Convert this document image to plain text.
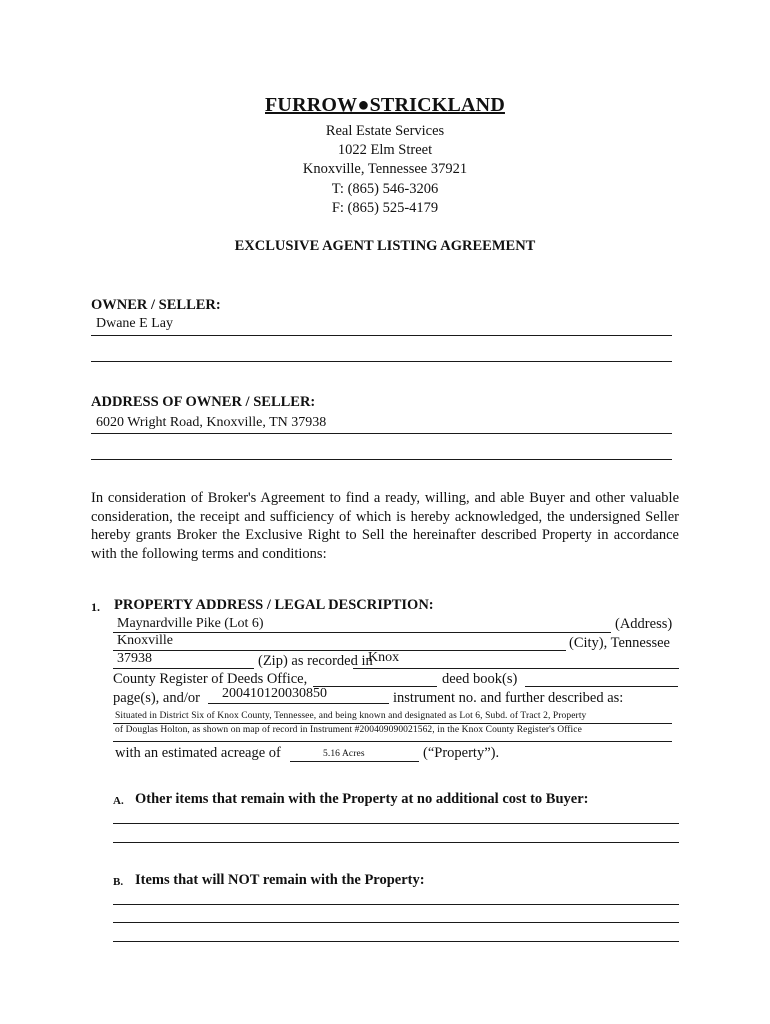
FURROW●STRICKLAND
Real Estate Services
1022 Elm Street
Knoxville, Tennessee 37921
T: (865) 546-3206
F: (865) 525-4179
EXCLUSIVE AGENT LISTING AGREEMENT
OWNER / SELLER:
Dwane E Lay
ADDRESS OF OWNER / SELLER:
6020 Wright Road, Knoxville, TN 37938
In consideration of Broker's Agreement to find a ready, willing, and able Buyer and other valuable consideration, the receipt and sufficiency of which is hereby acknowledged, the undersigned Seller hereby grants Broker the Exclusive Right to Sell the hereinafter described Property in accordance with the following terms and conditions:
1. PROPERTY ADDRESS / LEGAL DESCRIPTION:
Maynardville Pike (Lot 6)	(Address)
Knoxville	(City), Tennessee
37938	(Zip) as recorded in
Knox
County Register of Deeds Office,	deed book(s)
page(s), and/or 200410120030850	instrument no. and further described as:
Situated in District Six of Knox County, Tennessee, and being known and designated as Lot 6, Subd. of Tract 2, Property
of Douglas Holton, as shown on map of record in Instrument #200409090021562, in the Knox County Register's Office
with an estimated acreage of	5.16 Acres	(“Property”).
A. Other items that remain with the Property at no additional cost to Buyer:
B. Items that will NOT remain with the Property:
